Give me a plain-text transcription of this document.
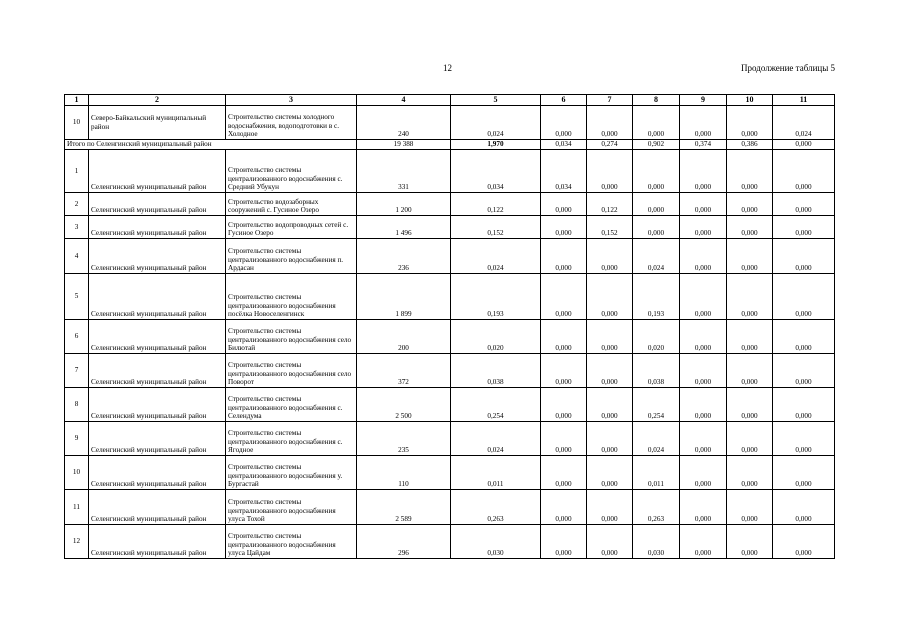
12	Продолжение таблицы 5
1	2	3	4	5	6	7	8	9	10	11
10	Северо-Байкальский муниципальный район	Строительство системы холодного водоснабжения, водоподготовки в с. Холодное	240	0,024	0,000	0,000	0,000	0,000	0,000	0,024
Итого по Селенгинский муниципальный район			19 388	1,970	0,034	0,274	0,902	0,374	0,386	0,000
1	Селенгинский муниципальный район	Строительство системы централизованного водоснабжения с. Средний Убукун	331	0,034	0,034	0,000	0,000	0,000	0,000	0,000
2	Селенгинский муниципальный район	Строительство водозаборных сооружений с. Гусиное Озеро	1 200	0,122	0,000	0,122	0,000	0,000	0,000	0,000
3	Селенгинский муниципальный район	Строительство водопроводных сетей с. Гусиное Озеро	1 496	0,152	0,000	0,152	0,000	0,000	0,000	0,000
4	Селенгинский муниципальный район	Строительство системы централизованного водоснабжения п. Ардасан	236	0,024	0,000	0,000	0,024	0,000	0,000	0,000
5	Селенгинский муниципальный район	Строительство системы централизованного водоснабжения посёлка Новоселенгинск	1 899	0,193	0,000	0,000	0,193	0,000	0,000	0,000
6	Селенгинский муниципальный район	Строительство системы централизованного водоснабжения село Билютай	200	0,020	0,000	0,000	0,020	0,000	0,000	0,000
7	Селенгинский муниципальный район	Строительство системы централизованного водоснабжения село Поворот	372	0,038	0,000	0,000	0,038	0,000	0,000	0,000
8	Селенгинский муниципальный район	Строительство системы централизованного водоснабжения с. Селендума	2 500	0,254	0,000	0,000	0,254	0,000	0,000	0,000
9	Селенгинский муниципальный район	Строительство системы централизованного водоснабжения с. Ягодное	235	0,024	0,000	0,000	0,024	0,000	0,000	0,000
10	Селенгинский муниципальный район	Строительство системы централизованного водоснабжения у. Бургастай	110	0,011	0,000	0,000	0,011	0,000	0,000	0,000
11	Селенгинский муниципальный район	Строительство системы централизованного водоснабжения улуса Тохой	2 589	0,263	0,000	0,000	0,263	0,000	0,000	0,000
12	Селенгинский муниципальный район	Строительство системы централизованного водоснабжения улуса Цайдам	296	0,030	0,000	0,000	0,030	0,000	0,000	0,000
